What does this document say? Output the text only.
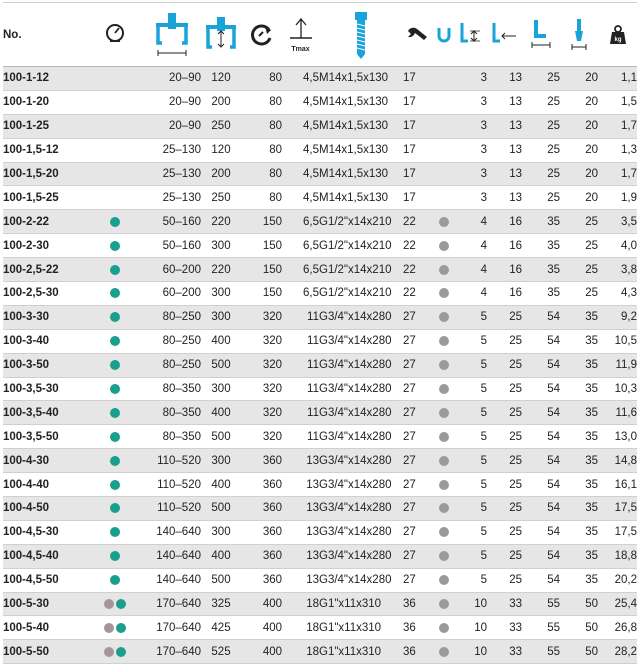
No.					Tmax								kg

100-1-12		20–90	120	80	4,5	M14x1,5x130	17		3	13	25	20	1,1
100-1-20		20–90	200	80	4,5	M14x1,5x130	17		3	13	25	20	1,5
100-1-25		20–90	250	80	4,5	M14x1,5x130	17		3	13	25	20	1,7
100-1,5-12		25–130	120	80	4,5	M14x1,5x130	17		3	13	25	20	1,3
100-1,5-20		25–130	200	80	4,5	M14x1,5x130	17		3	13	25	20	1,7
100-1,5-25		25–130	250	80	4,5	M14x1,5x130	17		3	13	25	20	1,9
100-2-22		50–160	220	150	6,5	G1/2"x14x210	22		4	16	35	25	3,5
100-2-30		50–160	300	150	6,5	G1/2"x14x210	22		4	16	35	25	4,0
100-2,5-22		60–200	220	150	6,5	G1/2"x14x210	22		4	16	35	25	3,8
100-2,5-30		60–200	300	150	6,5	G1/2"x14x210	22		4	16	35	25	4,3
100-3-30		80–250	300	320	11	G3/4"x14x280	27		5	25	54	35	9,2
100-3-40		80–250	400	320	11	G3/4"x14x280	27		5	25	54	35	10,5
100-3-50		80–250	500	320	11	G3/4"x14x280	27		5	25	54	35	11,9
100-3,5-30		80–350	300	320	11	G3/4"x14x280	27		5	25	54	35	10,3
100-3,5-40		80–350	400	320	11	G3/4"x14x280	27		5	25	54	35	11,6
100-3,5-50		80–350	500	320	11	G3/4"x14x280	27		5	25	54	35	13,0
100-4-30		110–520	300	360	13	G3/4"x14x280	27		5	25	54	35	14,8
100-4-40		110–520	400	360	13	G3/4"x14x280	27		5	25	54	35	16,1
100-4-50		110–520	500	360	13	G3/4"x14x280	27		5	25	54	35	17,5
100-4,5-30		140–640	300	360	13	G3/4"x14x280	27		5	25	54	35	17,5
100-4,5-40		140–640	400	360	13	G3/4"x14x280	27		5	25	54	35	18,8
100-4,5-50		140–640	500	360	13	G3/4"x14x280	27		5	25	54	35	20,2
100-5-30		170–640	325	400	18	G1"x11x310	36		10	33	55	50	25,4
100-5-40		170–640	425	400	18	G1"x11x310	36		10	33	55	50	26,8
100-5-50		170–640	525	400	18	G1"x11x310	36		10	33	55	50	28,2
